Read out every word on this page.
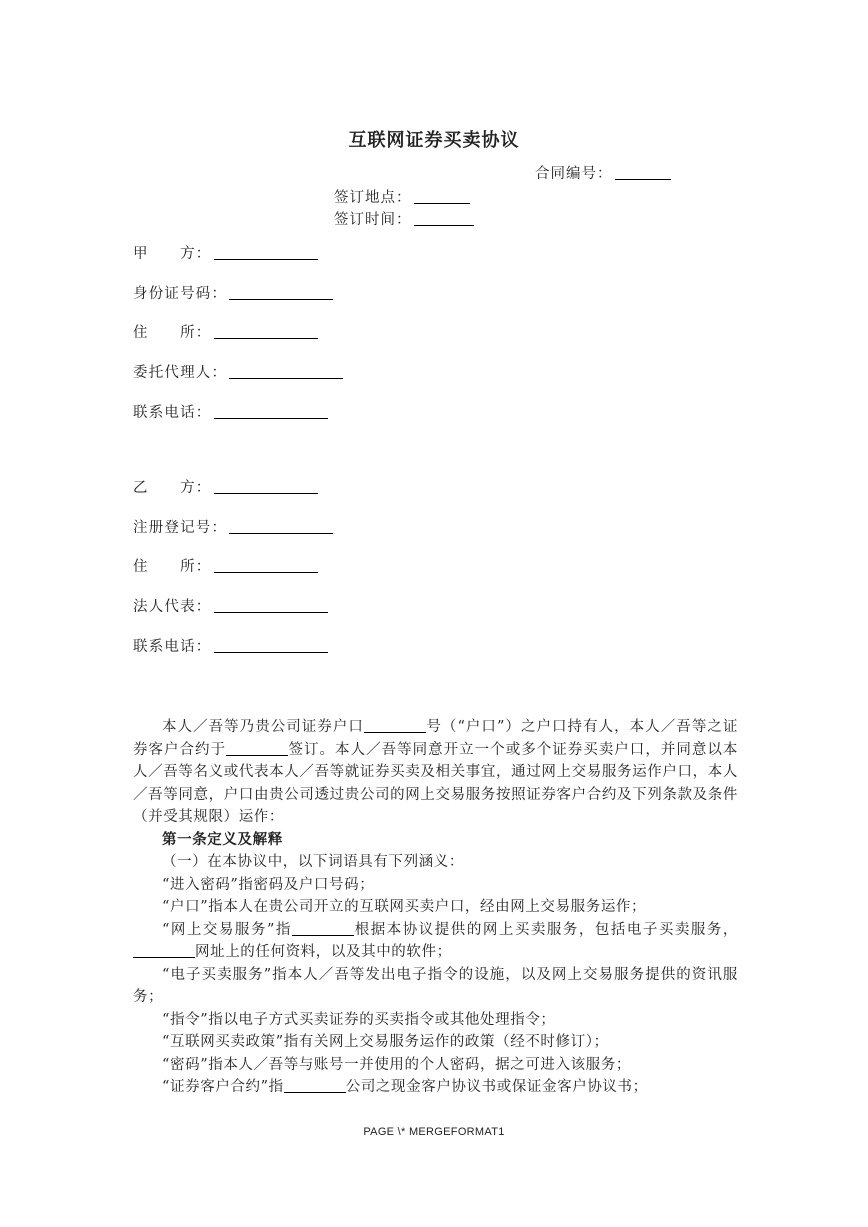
互联网证券买卖协议
合同编号：
签订地点：
签订时间：
甲　　方：
身份证号码：
住　　所：
委托代理人：
联系电话：
乙　　方：
注册登记号：
住　　所：
法人代表：
联系电话：

本人／吾等乃贵公司证券户口	号（“户口”）之户口持有人，本人／吾等之证券客户合约于	签订。本人／吾等同意开立一个或多个证券买卖户口，并同意以本人／吾等名义或代表本人／吾等就证券买卖及相关事宜，通过网上交易服务运作户口，本人／吾等同意，户口由贵公司透过贵公司的网上交易服务按照证券客户合约及下列条款及条件（并受其规限）运作：

第一条定义及解释

（一）在本协议中，以下词语具有下列涵义：

“进入密码”指密码及户口号码；

“户口”指本人在贵公司开立的互联网买卖户口，经由网上交易服务运作；

“网上交易服务”指	根据本协议提供的网上买卖服务，包括电子买卖服务，网址上的任何资料，以及其中的软件；

“电子买卖服务”指本人／吾等发出电子指令的设施，以及网上交易服务提供的资讯服务；

“指令”指以电子方式买卖证券的买卖指令或其他处理指令；

“互联网买卖政策”指有关网上交易服务运作的政策（经不时修订）；

“密码”指本人／吾等与账号一并使用的个人密码，据之可进入该服务；

“证券客户合约”指	公司之现金客户协议书或保证金客户协议书；

PAGE \* MERGEFORMAT1
